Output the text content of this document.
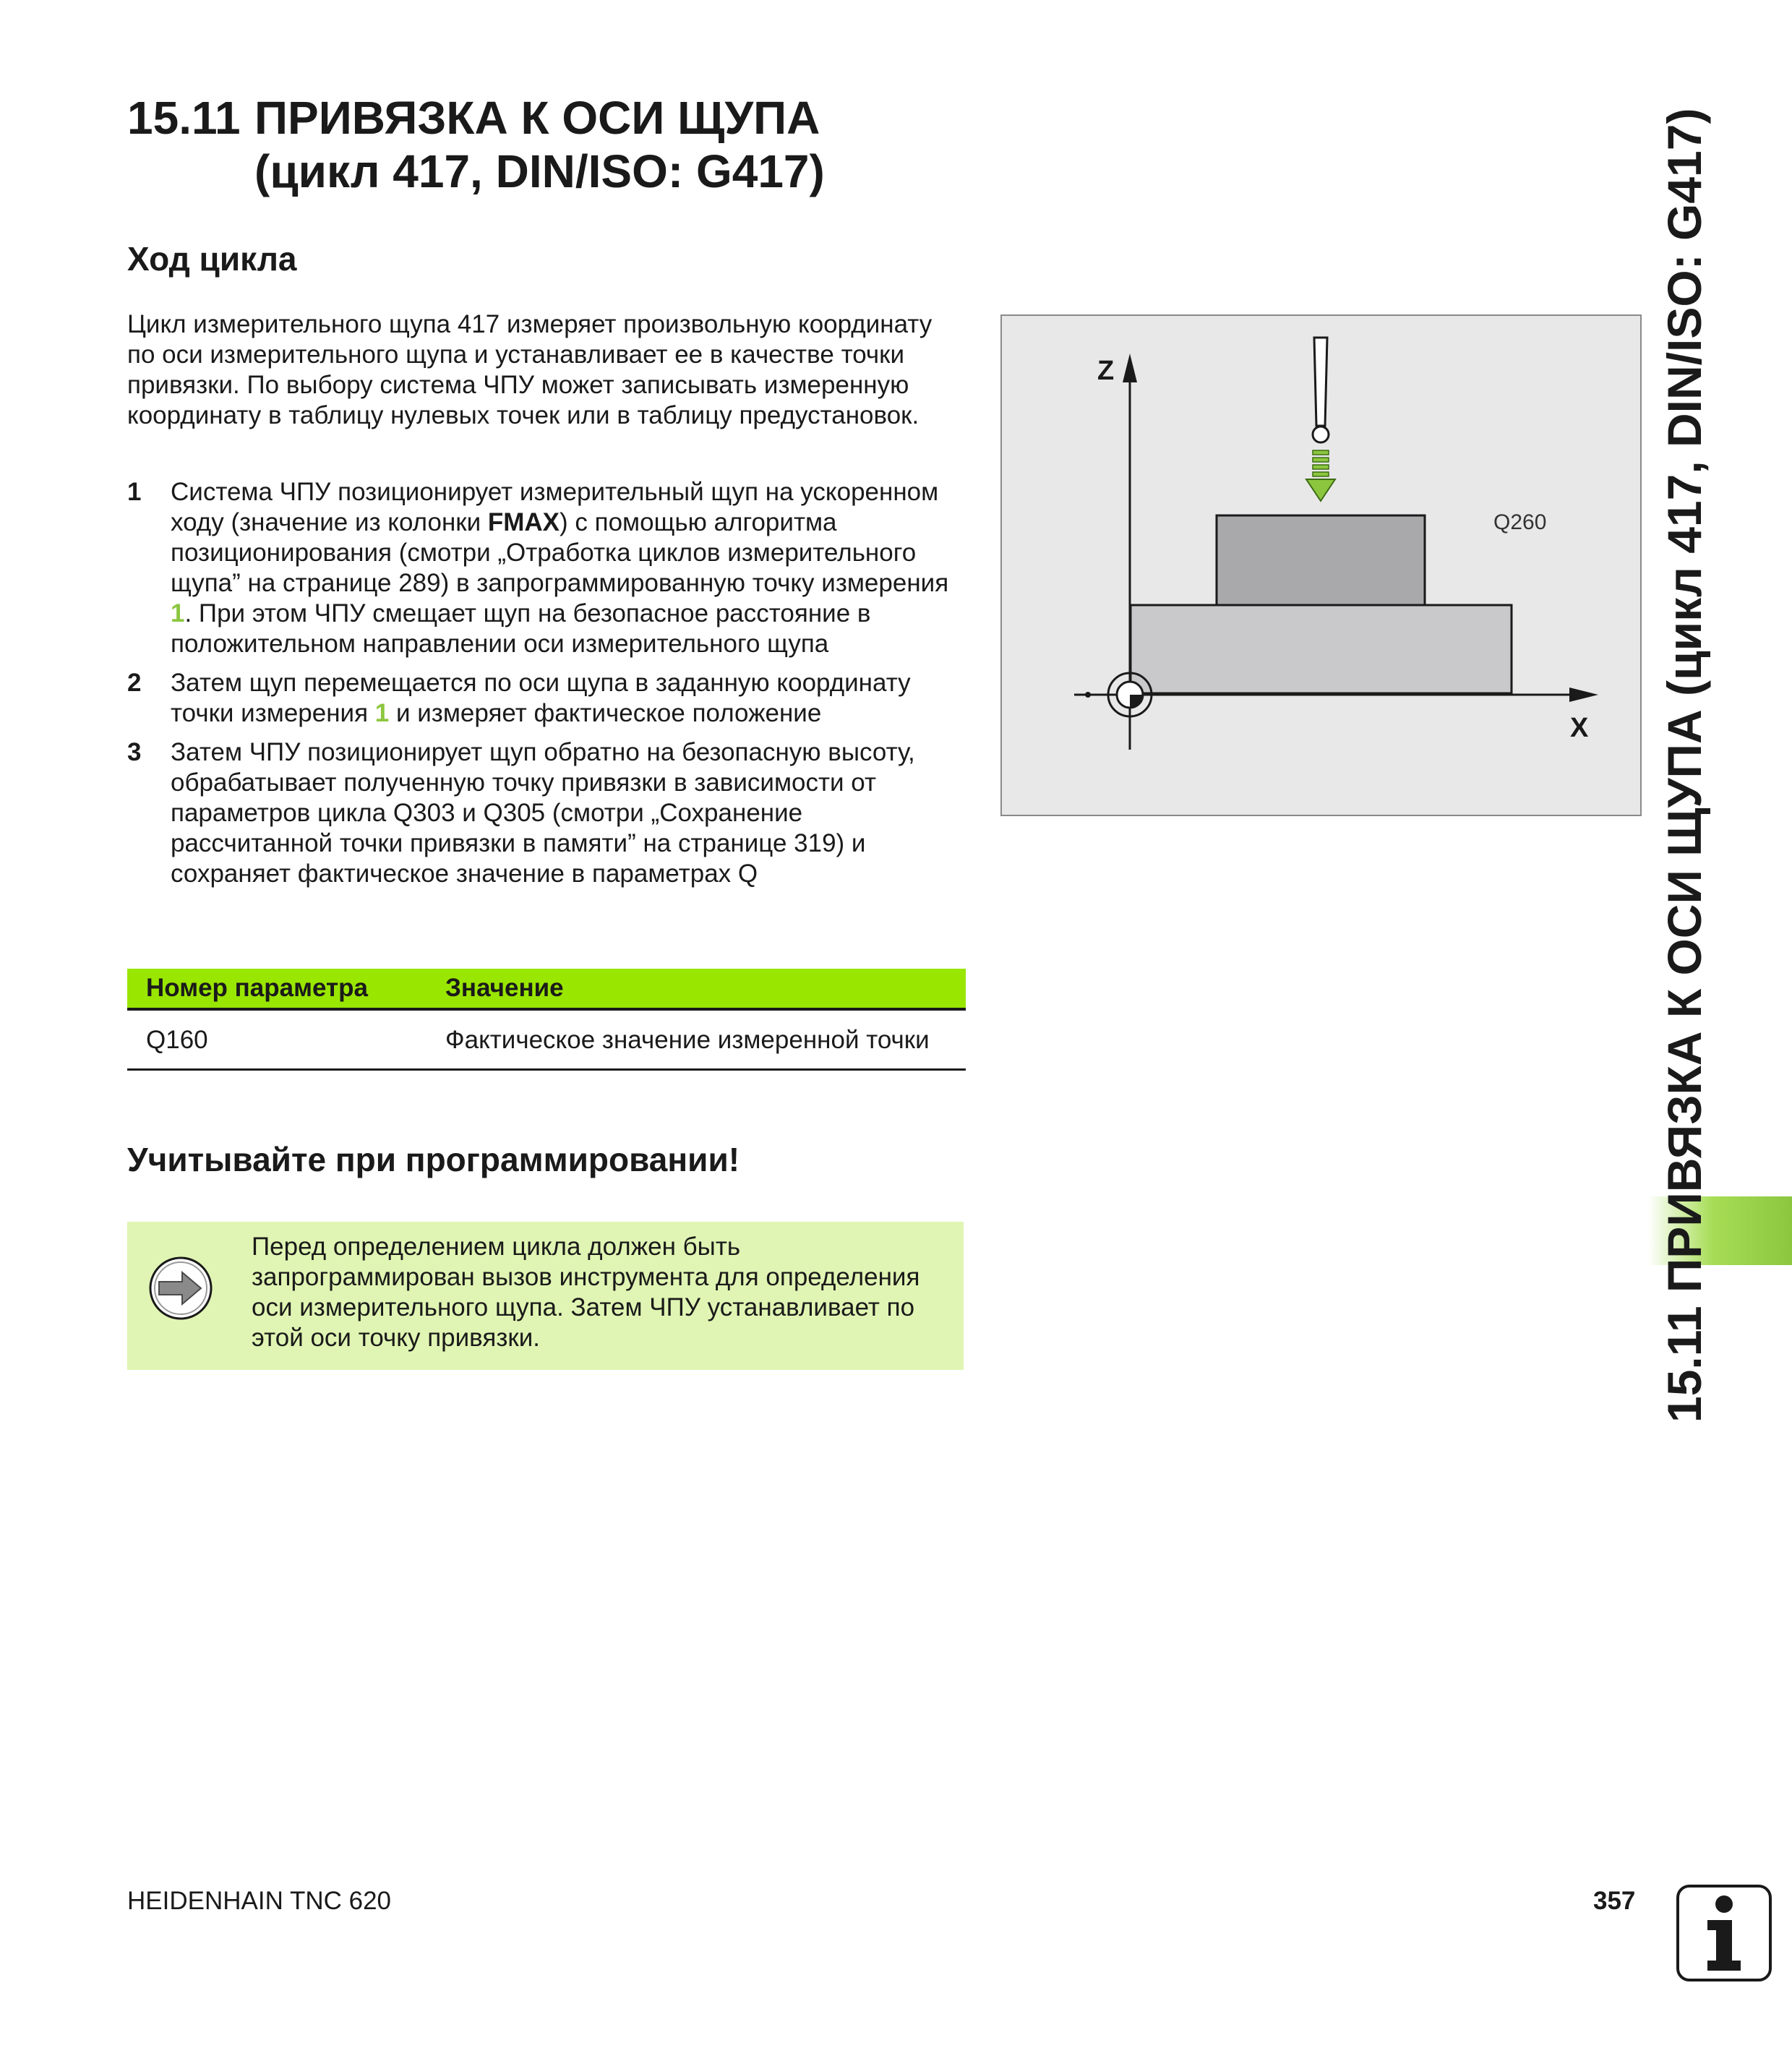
15.11 ПРИВЯЗКА К ОСИ ЩУПА
(цикл 417, DIN/ISO: G417)
Ход цикла
Цикл измерительного щупа 417 измеряет произвольную координату по оси измерительного щупа и устанавливает ее в качестве точки привязки. По выбору система ЧПУ может записывать измеренную координату в таблицу нулевых точек или в таблицу предустановок.
1	Система ЧПУ позиционирует измерительный щуп на ускоренном ходу (значение из колонки FMAX) с помощью алгоритма позиционирования (смотри „Отработка циклов измерительного щупа” на странице 289) в запрограммированную точку измерения 1. При этом ЧПУ смещает щуп на безопасное расстояние в положительном направлении оси измерительного щупа
2	Затем щуп перемещается по оси щупа в заданную координату точки измерения 1 и измеряет фактическое положение
3	Затем ЧПУ позиционирует щуп обратно на безопасную высоту, обрабатывает полученную точку привязки в зависимости от параметров цикла Q303 и Q305 (смотри „Сохранение рассчитанной точки привязки в памяти” на странице 319) и сохраняет фактическое значение в параметрах Q
Номер параметра	Значение
Q160	Фактическое значение измеренной точки
Учитывайте при программировании!
Перед определением цикла должен быть запрограммирован вызов инструмента для определения оси измерительного щупа. Затем ЧПУ устанавливает по этой оси точку привязки.
Z
X
Q260 15.11 ПРИВЯЗКА К ОСИ ЩУПА (цикл 417, DIN/ISO: G417)
HEIDENHAIN TNC 620	357
